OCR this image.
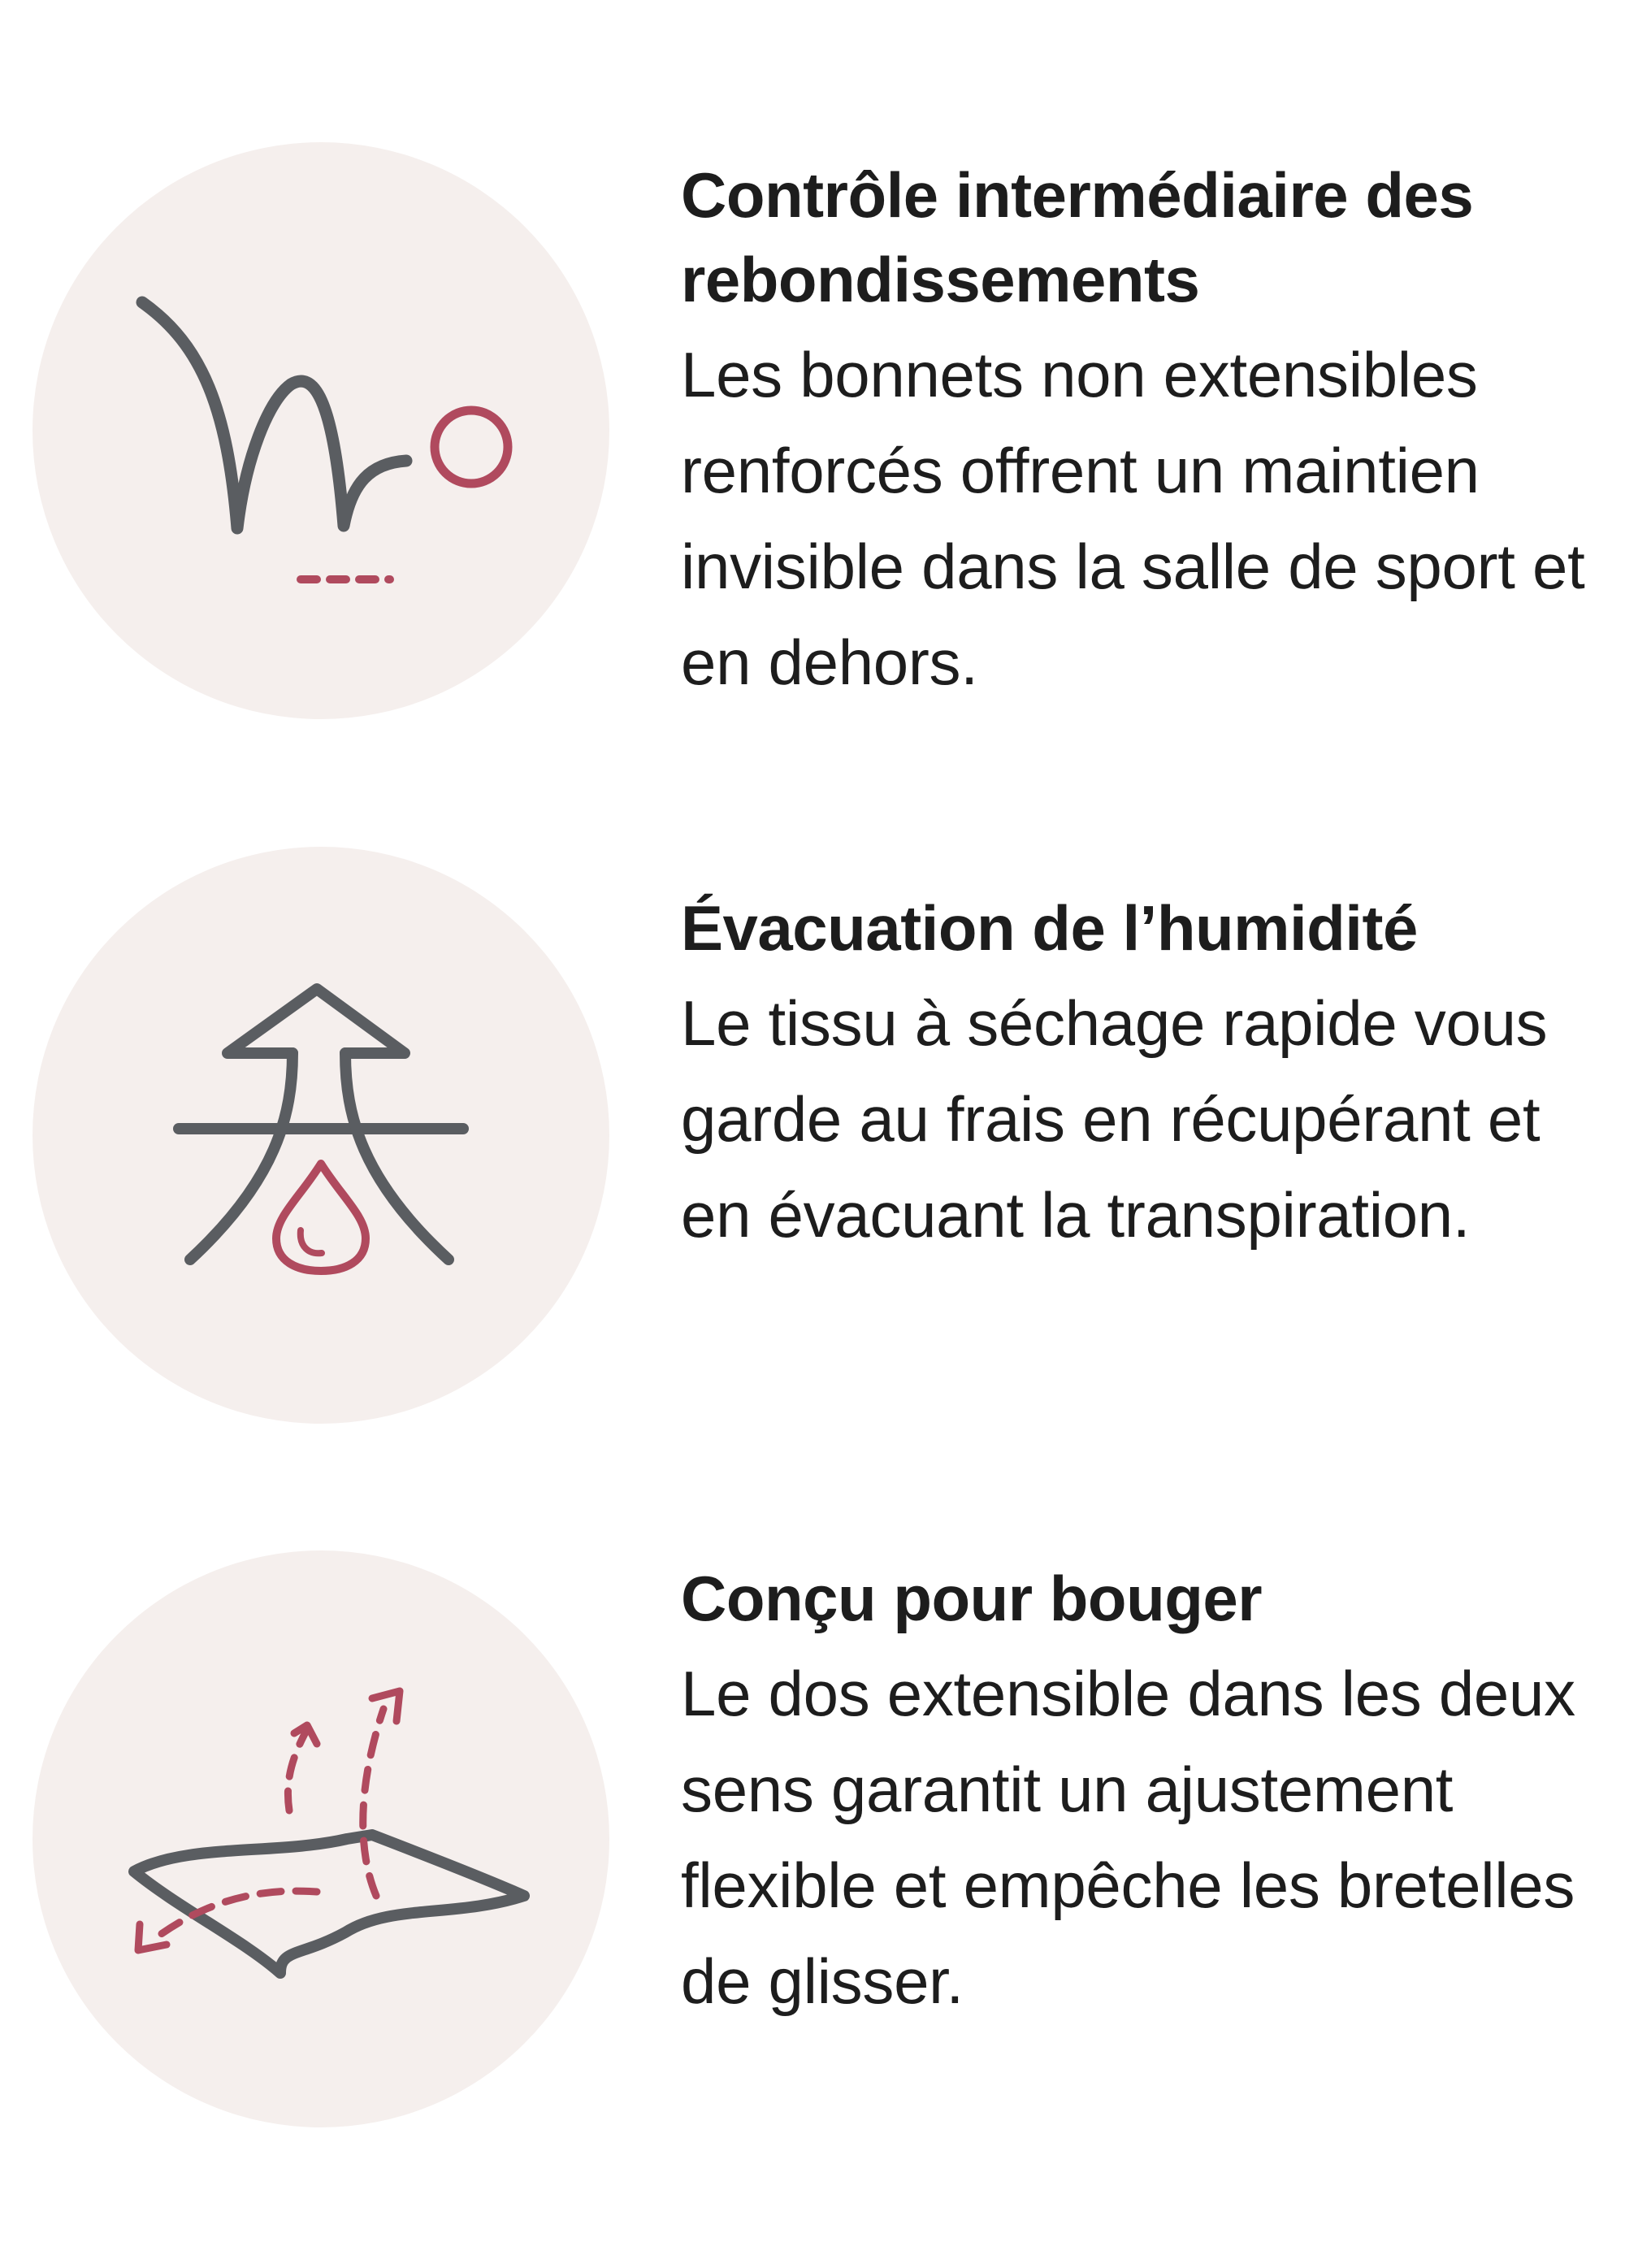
Contrôle intermédiaire des rebondissements

Les bonnets non extensibles renforcés offrent un maintien invisible dans la salle de sport et en dehors.

Évacuation de l’humidité

Le tissu à séchage rapide vous garde au frais en récupérant et en évacuant la transpiration.

Conçu pour bouger

Le dos extensible dans les deux sens garantit un ajustement flexible et empêche les bretelles de glisser.
